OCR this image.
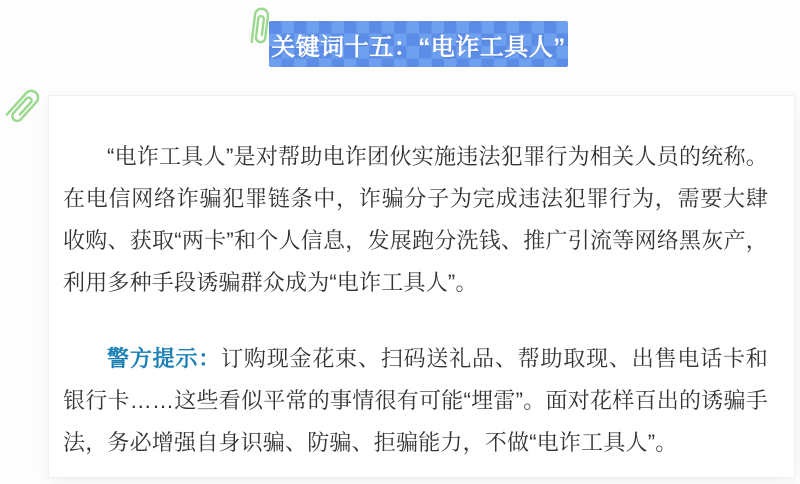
关键词十五：“电诈工具人”

“电诈工具人”是对帮助电诈团伙实施违法犯罪行为相关人员的统称。在电信网络诈骗犯罪链条中，诈骗分子为完成违法犯罪行为，需要大肆收购、获取“两卡”和个人信息，发展跑分洗钱、推广引流等网络黑灰产，利用多种手段诱骗群众成为“电诈工具人”。

警方提示：订购现金花束、扫码送礼品、帮助取现、出售电话卡和银行卡……这些看似平常的事情很有可能“埋雷”。面对花样百出的诱骗手法，务必增强自身识骗、防骗、拒骗能力，不做“电诈工具人”。
